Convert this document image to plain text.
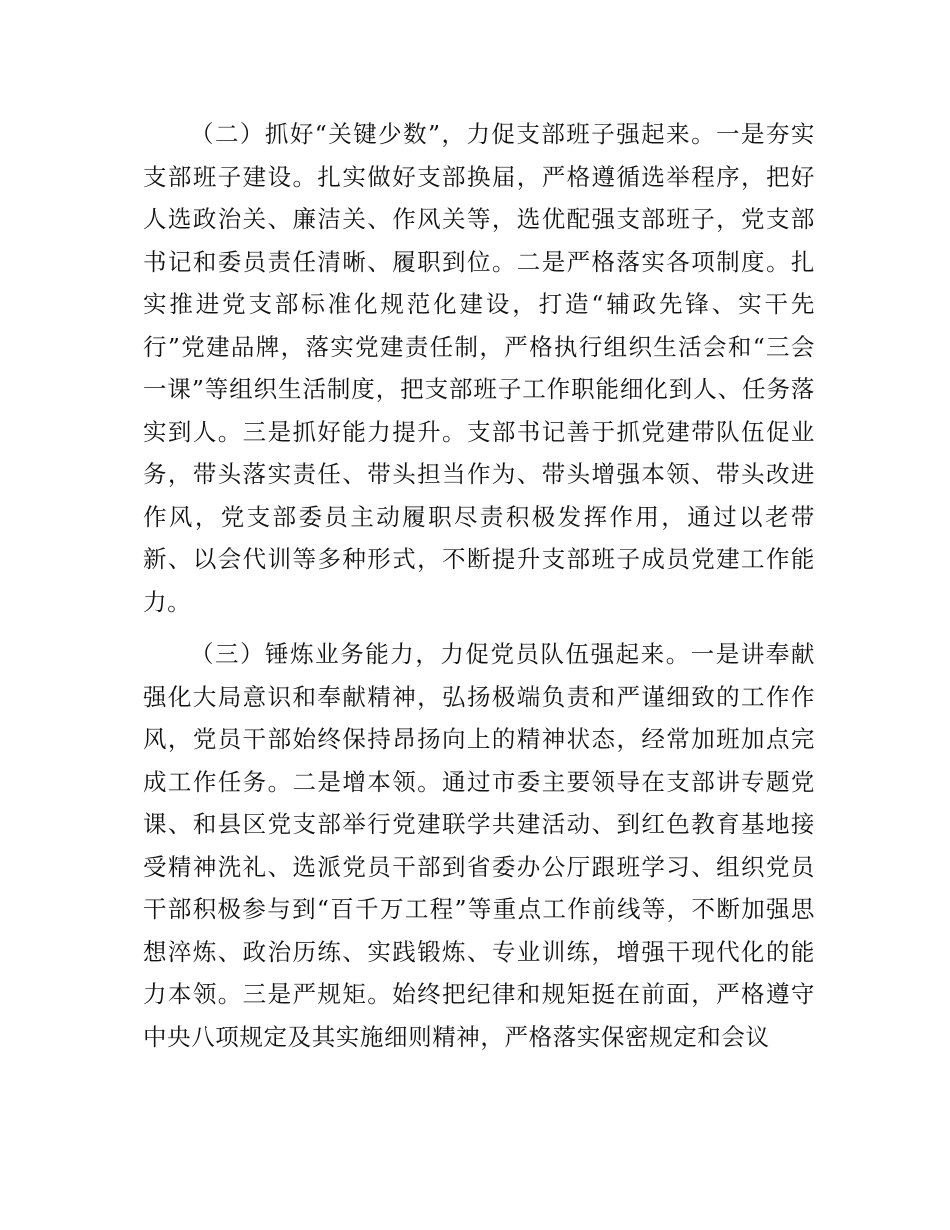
（二）抓好“关键少数”，力促支部班子强起来。一是夯实支部班子建设。扎实做好支部换届，严格遵循选举程序，把好人选政治关、廉洁关、作风关等，选优配强支部班子，党支部书记和委员责任清晰、履职到位。二是严格落实各项制度。扎实推进党支部标准化规范化建设，打造“辅政先锋、实干先行”党建品牌，落实党建责任制，严格执行组织生活会和“三会一课”等组织生活制度，把支部班子工作职能细化到人、任务落实到人。三是抓好能力提升。支部书记善于抓党建带队伍促业务，带头落实责任、带头担当作为、带头增强本领、带头改进作风，党支部委员主动履职尽责积极发挥作用，通过以老带新、以会代训等多种形式，不断提升支部班子成员党建工作能力。

（三）锤炼业务能力，力促党员队伍强起来。一是讲奉献强化大局意识和奉献精神，弘扬极端负责和严谨细致的工作作风，党员干部始终保持昂扬向上的精神状态，经常加班加点完成工作任务。二是增本领。通过市委主要领导在支部讲专题党课、和县区党支部举行党建联学共建活动、到红色教育基地接受精神洗礼、选派党员干部到省委办公厅跟班学习、组织党员干部积极参与到“百千万工程”等重点工作前线等，不断加强思想淬炼、政治历练、实践锻炼、专业训练，增强干现代化的能力本领。三是严规矩。始终把纪律和规矩挺在前面，严格遵守中央八项规定及其实施细则精神，严格落实保密规定和会议
